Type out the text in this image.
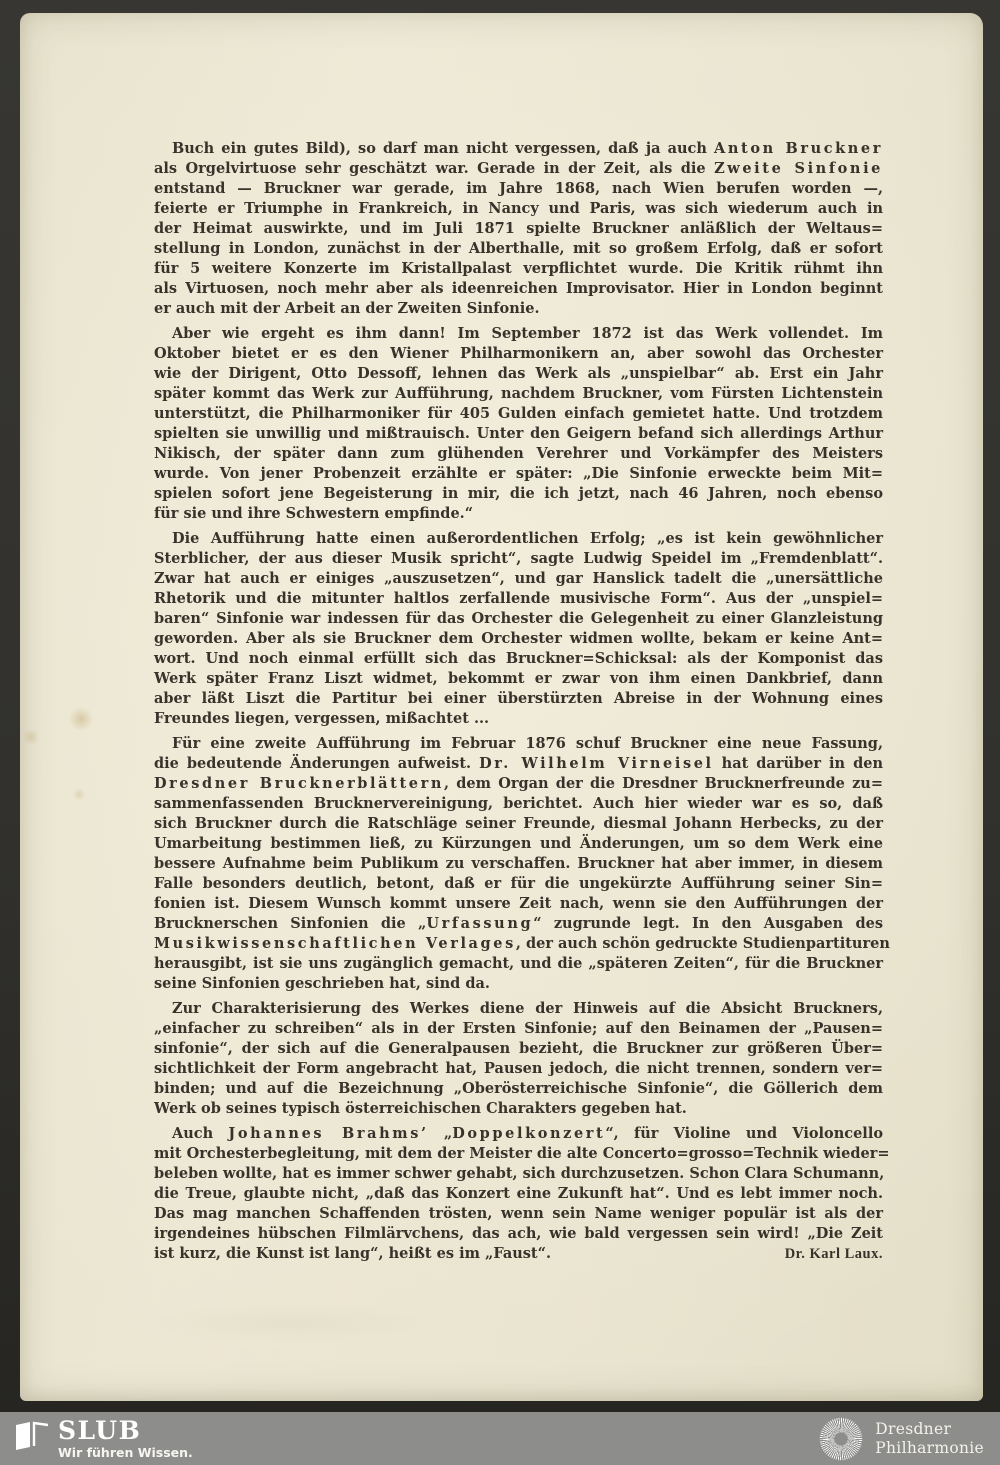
Buch ein gutes Bild), so darf man nicht vergessen, daß ja auch Anton Bruckner
als Orgelvirtuose sehr geschätzt war. Gerade in der Zeit, als die Zweite Sinfonie
entstand — Bruckner war gerade, im Jahre 1868, nach Wien berufen worden —,
feierte er Triumphe in Frankreich, in Nancy und Paris, was sich wiederum auch in
der Heimat auswirkte, und im Juli 1871 spielte Bruckner anläßlich der Weltaus=
stellung in London, zunächst in der Alberthalle, mit so großem Erfolg, daß er sofort
für 5 weitere Konzerte im Kristallpalast verpflichtet wurde. Die Kritik rühmt ihn
als Virtuosen, noch mehr aber als ideenreichen Improvisator. Hier in London beginnt
er auch mit der Arbeit an der Zweiten Sinfonie.
Aber wie ergeht es ihm dann! Im September 1872 ist das Werk vollendet. Im
Oktober bietet er es den Wiener Philharmonikern an, aber sowohl das Orchester
wie der Dirigent, Otto Dessoff, lehnen das Werk als „unspielbar“ ab. Erst ein Jahr
später kommt das Werk zur Aufführung, nachdem Bruckner, vom Fürsten Lichtenstein
unterstützt, die Philharmoniker für 405 Gulden einfach gemietet hatte. Und trotzdem
spielten sie unwillig und mißtrauisch. Unter den Geigern befand sich allerdings Arthur
Nikisch, der später dann zum glühenden Verehrer und Vorkämpfer des Meisters
wurde. Von jener Probenzeit erzählte er später: „Die Sinfonie erweckte beim Mit=
spielen sofort jene Begeisterung in mir, die ich jetzt, nach 46 Jahren, noch ebenso
für sie und ihre Schwestern empfinde.“
Die Aufführung hatte einen außerordentlichen Erfolg; „es ist kein gewöhnlicher
Sterblicher, der aus dieser Musik spricht“, sagte Ludwig Speidel im „Fremdenblatt“.
Zwar hat auch er einiges „auszusetzen“, und gar Hanslick tadelt die „unersättliche
Rhetorik und die mitunter haltlos zerfallende musivische Form“. Aus der „unspiel=
baren“ Sinfonie war indessen für das Orchester die Gelegenheit zu einer Glanzleistung
geworden. Aber als sie Bruckner dem Orchester widmen wollte, bekam er keine Ant=
wort. Und noch einmal erfüllt sich das Bruckner=Schicksal: als der Komponist das
Werk später Franz Liszt widmet, bekommt er zwar von ihm einen Dankbrief, dann
aber läßt Liszt die Partitur bei einer überstürzten Abreise in der Wohnung eines
Freundes liegen, vergessen, mißachtet ...
Für eine zweite Aufführung im Februar 1876 schuf Bruckner eine neue Fassung,
die bedeutende Änderungen aufweist. Dr. Wilhelm Virneisel hat darüber in den
Dresdner Brucknerblättern, dem Organ der die Dresdner Brucknerfreunde zu=
sammenfassenden Brucknervereinigung, berichtet. Auch hier wieder war es so, daß
sich Bruckner durch die Ratschläge seiner Freunde, diesmal Johann Herbecks, zu der
Umarbeitung bestimmen ließ, zu Kürzungen und Änderungen, um so dem Werk eine
bessere Aufnahme beim Publikum zu verschaffen. Bruckner hat aber immer, in diesem
Falle besonders deutlich, betont, daß er für die ungekürzte Aufführung seiner Sin=
fonien ist. Diesem Wunsch kommt unsere Zeit nach, wenn sie den Aufführungen der
Brucknerschen Sinfonien die „Urfassung“ zugrunde legt. In den Ausgaben des
Musikwissenschaftlichen Verlages, der auch schön gedruckte Studienpartituren
herausgibt, ist sie uns zugänglich gemacht, und die „späteren Zeiten“, für die Bruckner
seine Sinfonien geschrieben hat, sind da.
Zur Charakterisierung des Werkes diene der Hinweis auf die Absicht Bruckners,
„einfacher zu schreiben“ als in der Ersten Sinfonie; auf den Beinamen der „Pausen=
sinfonie“, der sich auf die Generalpausen bezieht, die Bruckner zur größeren Über=
sichtlichkeit der Form angebracht hat, Pausen jedoch, die nicht trennen, sondern ver=
binden; und auf die Bezeichnung „Oberösterreichische Sinfonie“, die Göllerich dem
Werk ob seines typisch österreichischen Charakters gegeben hat.
Auch Johannes Brahms’ „Doppelkonzert“, für Violine und Violoncello
mit Orchesterbegleitung, mit dem der Meister die alte Concerto=grosso=Technik wieder=
beleben wollte, hat es immer schwer gehabt, sich durchzusetzen. Schon Clara Schumann,
die Treue, glaubte nicht, „daß das Konzert eine Zukunft hat“. Und es lebt immer noch.
Das mag manchen Schaffenden trösten, wenn sein Name weniger populär ist als der
irgendeines hübschen Filmlärvchens, das ach, wie bald vergessen sein wird! „Die Zeit
ist kurz, die Kunst ist lang“, heißt es im „Faust“.	Dr. Karl Laux.
SLUB
Wir führen Wissen.
Dresdner
Philharmonie
